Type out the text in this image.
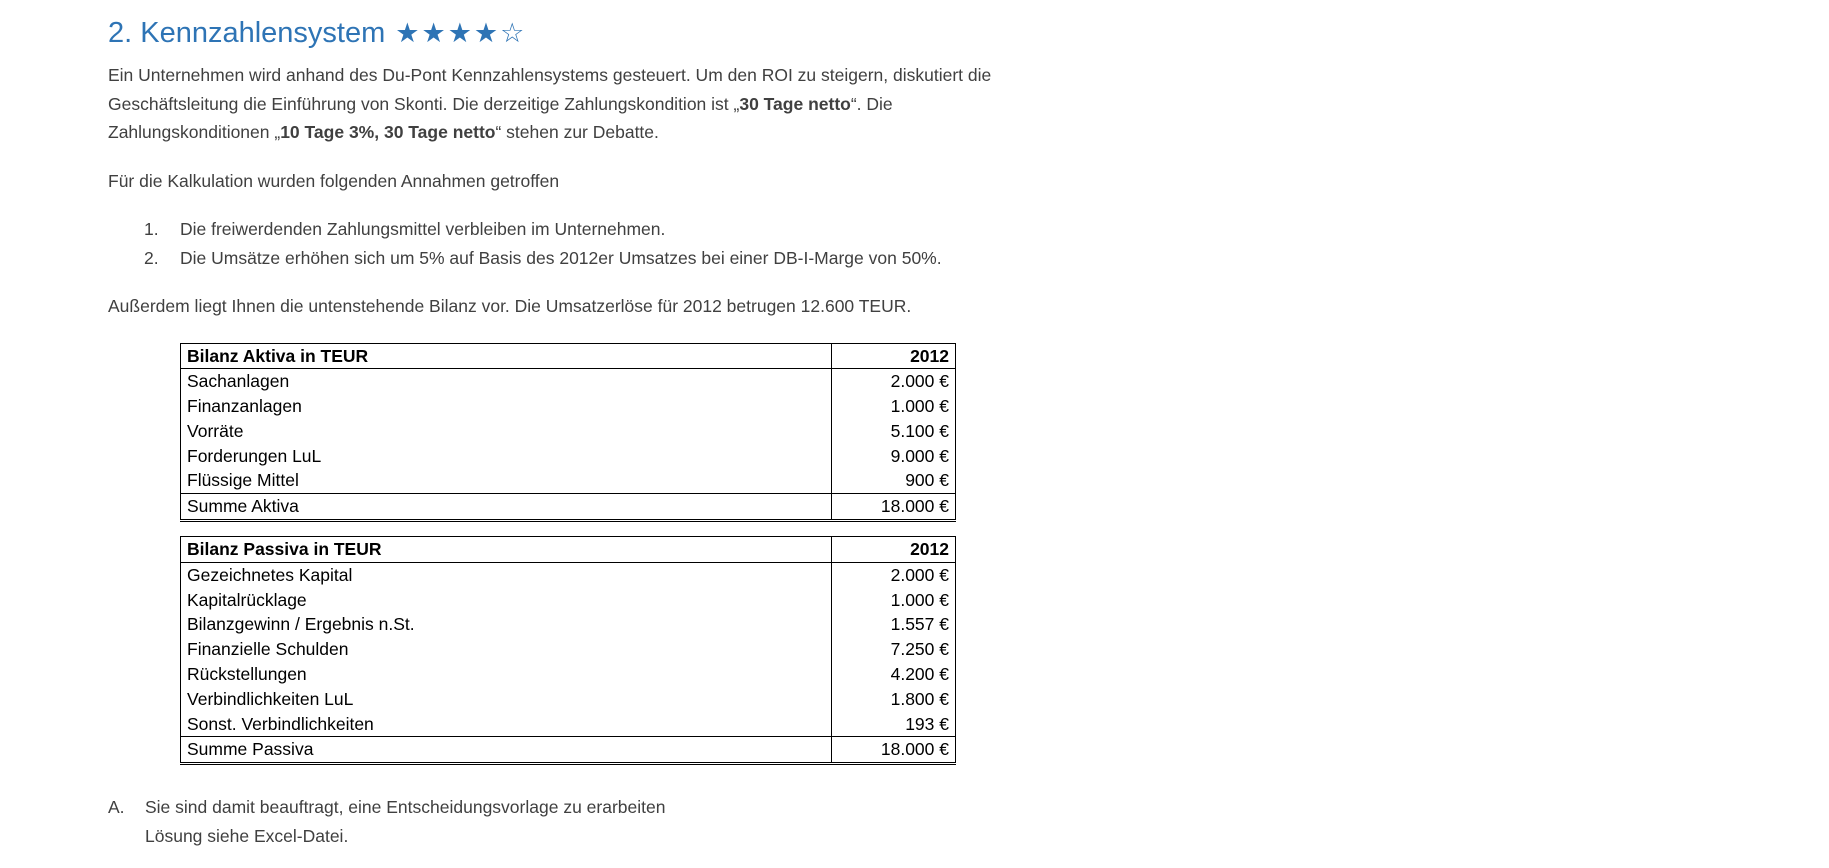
2. Kennzahlensystem ★★★★☆

Ein Unternehmen wird anhand des Du-Pont Kennzahlensystems gesteuert. Um den ROI zu steigern, diskutiert die Geschäftsleitung die Einführung von Skonti. Die derzeitige Zahlungskondition ist „30 Tage netto“. Die Zahlungskonditionen „10 Tage 3%, 30 Tage netto“ stehen zur Debatte.

Für die Kalkulation wurden folgenden Annahmen getroffen

1.	Die freiwerdenden Zahlungsmittel verbleiben im Unternehmen.
2.	Die Umsätze erhöhen sich um 5% auf Basis des 2012er Umsatzes bei einer DB-I-Marge von 50%.

Außerdem liegt Ihnen die untenstehende Bilanz vor. Die Umsatzerlöse für 2012 betrugen 12.600 TEUR.

Bilanz Aktiva in TEUR	2012
Sachanlagen	2.000 €
Finanzanlagen	1.000 €
Vorräte	5.100 €
Forderungen LuL	9.000 €
Flüssige Mittel	900 €
Summe Aktiva	18.000 €
Bilanz Passiva in TEUR	2012
Gezeichnetes Kapital	2.000 €
Kapitalrücklage	1.000 €
Bilanzgewinn / Ergebnis n.St.	1.557 €
Finanzielle Schulden	7.250 €
Rückstellungen	4.200 €
Verbindlichkeiten LuL	1.800 €
Sonst. Verbindlichkeiten	193 €
Summe Passiva	18.000 €
A.	Sie sind damit beauftragt, eine Entscheidungsvorlage zu erarbeiten
Lösung siehe Excel-Datei.
